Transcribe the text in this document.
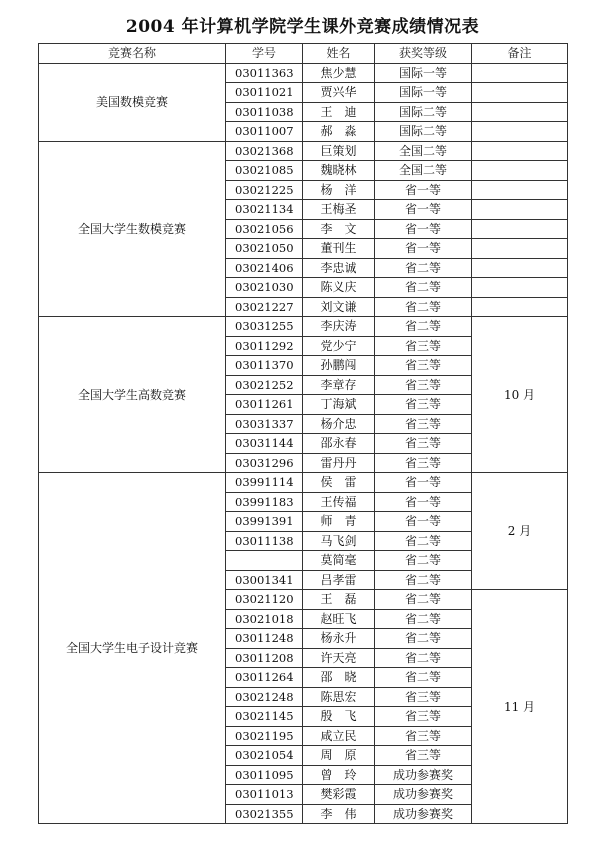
2004 年计算机学院学生课外竞赛成绩情况表
竞赛名称	学号	姓名	获奖等级	备注
美国数模竞赛	03011363	焦少慧	国际一等	
	03011021	贾兴华	国际一等	
	03011038	王　迪	国际二等	
	03011007	郝　淼	国际二等	
全国大学生数模竞赛	03021368	巨策划	全国二等	
	03021085	魏晓林	全国二等	
	03021225	杨　洋	省一等	
	03021134	王梅圣	省一等	
	03021056	李　文	省一等	
	03021050	董刊生	省一等	
	03021406	李忠诚	省二等	
	03021030	陈义庆	省二等	
	03021227	刘文谦	省二等	
全国大学生高数竞赛	03031255	李庆涛	省二等	10 月
	03011292	党少宁	省三等	
	03011370	孙鹏闯	省三等	
	03021252	李章存	省三等	
	03011261	丁海斌	省三等	
	03031337	杨介忠	省三等	
	03031144	邵永春	省三等	
	03031296	雷丹丹	省三等	
全国大学生电子设计竞赛	03991114	侯　雷	省一等	2 月
	03991183	王传福	省一等	
	03991391	师　青	省一等	
	03011138	马飞剑	省二等	
		莫简毫	省二等	
	03001341	吕孝雷	省二等	
	03021120	王　磊	省二等	11 月
	03021018	赵旺飞	省二等	
	03011248	杨永升	省二等	
	03011208	许天亮	省二等	
	03011264	邵　晓	省二等	
	03021248	陈思宏	省三等	
	03021145	殷　飞	省三等	
	03021195	咸立民	省三等	
	03021054	周　原	省三等	
	03011095	曾　玲	成功参赛奖	
	03011013	樊彩霞	成功参赛奖	
	03021355	李　伟	成功参赛奖	
